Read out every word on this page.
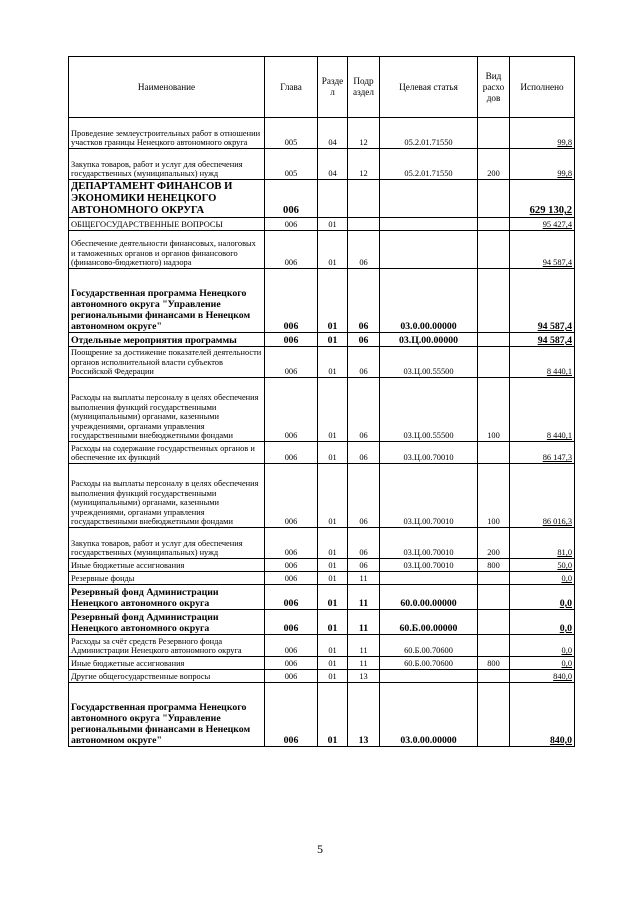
Наименование	Глава	Разде л	Подр аздел	Целевая статья	Вид расхо дов	Исполнено
Проведение землеустроительных работ в отношении участков границы Ненецкого автономного округа	005	04	12	05.2.01.71550		99,8
Закупка товаров, работ и услуг для обеспечения государственных (муниципальных) нужд	005	04	12	05.2.01.71550	200	99,8
ДЕПАРТАМЕНТ ФИНАНСОВ И ЭКОНОМИКИ НЕНЕЦКОГО АВТОНОМНОГО ОКРУГА	006					629 130,2
ОБЩЕГОСУДАРСТВЕННЫЕ ВОПРОСЫ	006	01				95 427,4
Обеспечение деятельности финансовых, налоговых и таможенных органов и органов финансового (финансово-бюджетного) надзора	006	01	06			94 587,4
Государственная программа Ненецкого автономного округа "Управление региональными финансами в Ненецком автономном округе"	006	01	06	03.0.00.00000		94 587,4
Отдельные мероприятия программы	006	01	06	03.Ц.00.00000		94 587,4
Поощрение за достижение показателей деятельности органов исполнительной власти субъектов Российской Федерации	006	01	06	03.Ц.00.55500		8 440,1
Расходы на выплаты персоналу в целях обеспечения выполнения функций государственными (муниципальными) органами, казенными учреждениями, органами управления государственными внебюджетными фондами	006	01	06	03.Ц.00.55500	100	8 440,1
Расходы на содержание государственных органов и обеспечение их функций	006	01	06	03.Ц.00.70010		86 147,3
Расходы на выплаты персоналу в целях обеспечения выполнения функций государственными (муниципальными) органами, казенными учреждениями, органами управления государственными внебюджетными фондами	006	01	06	03.Ц.00.70010	100	86 016,3
Закупка товаров, работ и услуг для обеспечения государственных (муниципальных) нужд	006	01	06	03.Ц.00.70010	200	81,0
Иные бюджетные ассигнования	006	01	06	03.Ц.00.70010	800	50,0
Резервные фонды	006	01	11			0,0
Резервный фонд Администрации Ненецкого автономного округа	006	01	11	60.0.00.00000		0,0
Резервный фонд Администрации Ненецкого автономного округа	006	01	11	60.Б.00.00000		0,0
Расходы за счёт средств Резервного фонда Администрации Ненецкого автономного округа	006	01	11	60.Б.00.70600		0,0
Иные бюджетные ассигнования	006	01	11	60.Б.00.70600	800	0,0
Другие общегосударственные вопросы	006	01	13			840,0
Государственная программа Ненецкого автономного округа "Управление региональными финансами в Ненецком автономном округе"	006	01	13	03.0.00.00000		840,0
5
